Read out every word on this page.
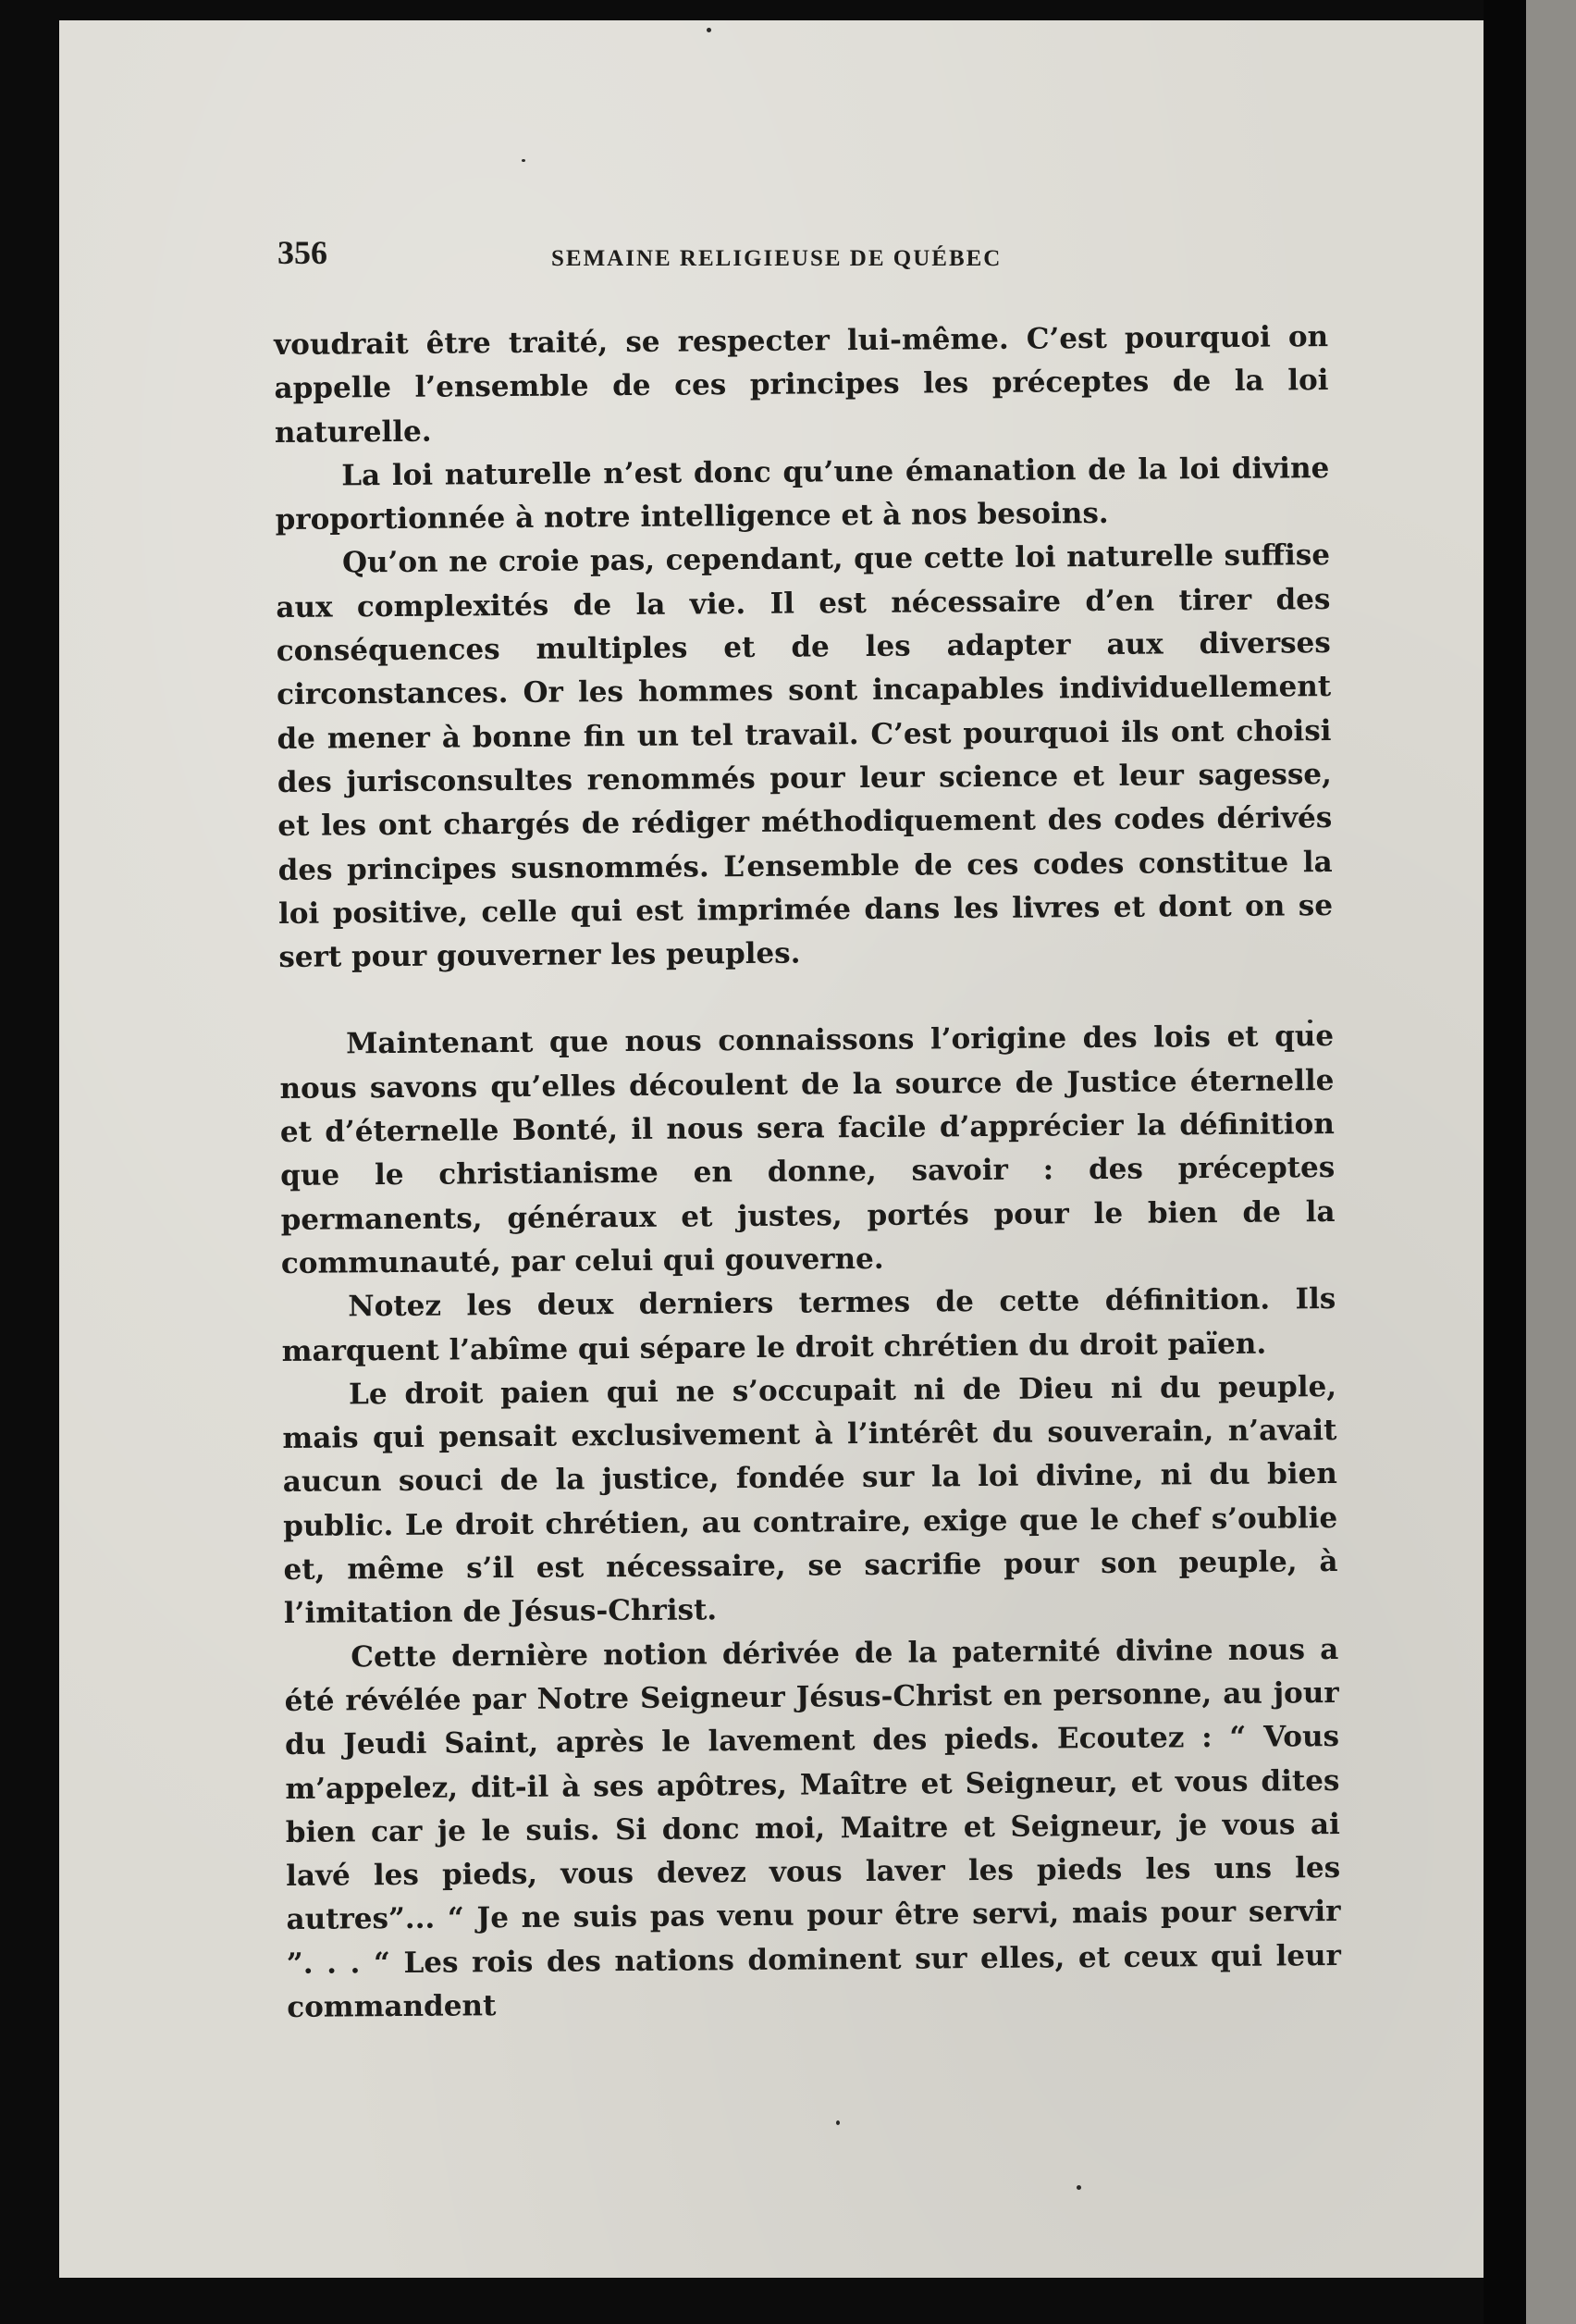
356	SEMAINE RELIGIEUSE DE QUÉBEC

voudrait être traité, se respecter lui-même. C’est pourquoi on appelle l’ensemble de ces principes les préceptes de la loi naturelle.

La loi naturelle n’est donc qu’une émanation de la loi divine proportionnée à notre intelligence et à nos besoins.

Qu’on ne croie pas, cependant, que cette loi naturelle suffise aux complexités de la vie. Il est nécessaire d’en tirer des conséquences multiples et de les adapter aux diverses circonstances. Or les hommes sont incapables individuellement de mener à bonne fin un tel travail. C’est pourquoi ils ont choisi des jurisconsultes renommés pour leur science et leur sagesse, et les ont chargés de rédiger méthodiquement des codes dérivés des principes susnommés. L’ensemble de ces codes constitue la loi positive, celle qui est imprimée dans les livres et dont on se sert pour gouverner les peuples.

Maintenant que nous connaissons l’origine des lois et que nous savons qu’elles découlent de la source de Justice éternelle et d’éternelle Bonté, il nous sera facile d’apprécier la définition que le christianisme en donne, savoir : des préceptes permanents, généraux et justes, portés pour le bien de la communauté, par celui qui gouverne.

Notez les deux derniers termes de cette définition. Ils marquent l’abîme qui sépare le droit chrétien du droit païen.

Le droit paien qui ne s’occupait ni de Dieu ni du peuple, mais qui pensait exclusivement à l’intérêt du souverain, n’avait aucun souci de la justice, fondée sur la loi divine, ni du bien public. Le droit chrétien, au contraire, exige que le chef s’oublie et, même s’il est nécessaire, se sacrifie pour son peuple, à l’imitation de Jésus-Christ.

Cette dernière notion dérivée de la paternité divine nous a été révélée par Notre Seigneur Jésus-Christ en personne, au jour du Jeudi Saint, après le lavement des pieds. Ecoutez : “ Vous m’appelez, dit-il à ses apôtres, Maître et Seigneur, et vous dites bien car je le suis. Si donc moi, Maitre et Seigneur, je vous ai lavé les pieds, vous devez vous laver les pieds les uns les autres”... “ Je ne suis pas venu pour être servi, mais pour servir ”. . . “ Les rois des nations dominent sur elles, et ceux qui leur commandent
